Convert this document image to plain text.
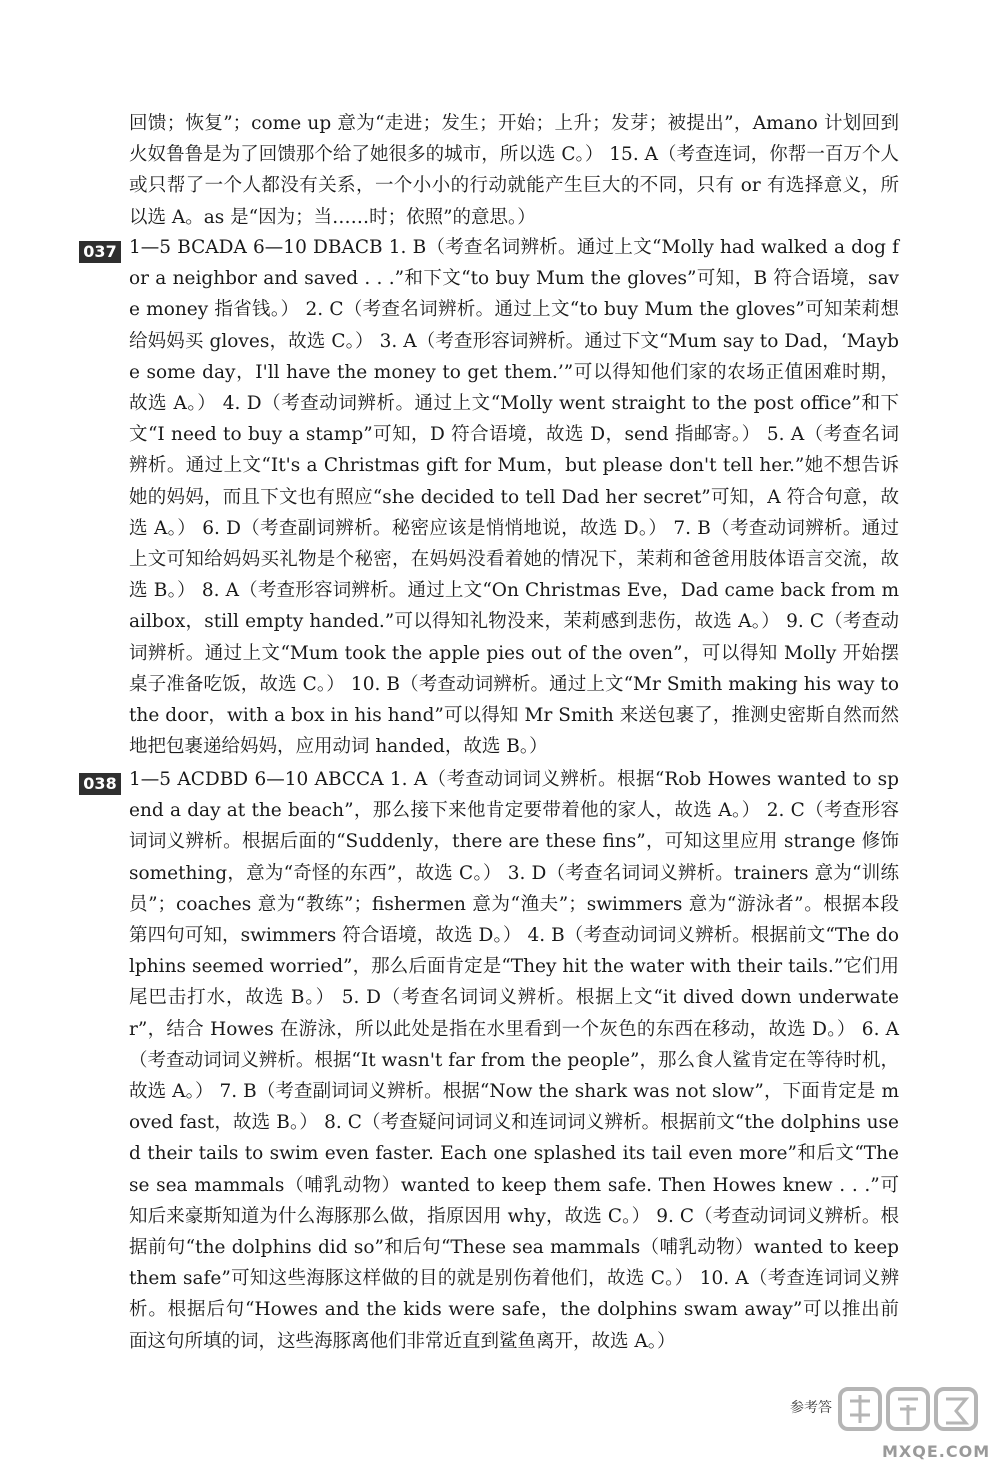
回馈；恢复”；come up 意为“走进；发生；开始；上升；发芽；被提出”，Amano 计划回到火奴鲁鲁是为了回馈那个给了她很多的城市，所以选 C。） 15. A（考查连词，你帮一百万个人或只帮了一个人都没有关系，一个小小的行动就能产生巨大的不同，只有 or 有选择意义，所以选 A。as 是“因为；当……时；依照”的意思。）
037 1—5 BCADA 6—10 DBACB 1. B（考查名词辨析。通过上文“Molly had walked a dog for a neighbor and saved . . .”和下文“to buy Mum the gloves”可知，B 符合语境，save money 指省钱。） 2. C（考查名词辨析。通过上文“to buy Mum the gloves”可知茉莉想给妈妈买 gloves，故选 C。） 3. A（考查形容词辨析。通过下文“Mum say to Dad，‘Maybe some day，I'll have the money to get them.’”可以得知他们家的农场正值困难时期，故选 A。） 4. D（考查动词辨析。通过上文“Molly went straight to the post office”和下文“I need to buy a stamp”可知，D 符合语境，故选 D，send 指邮寄。） 5. A（考查名词辨析。通过上文“It's a Christmas gift for Mum，but please don't tell her.”她不想告诉她的妈妈，而且下文也有照应“she decided to tell Dad her secret”可知，A 符合句意，故选 A。） 6. D（考查副词辨析。秘密应该是悄悄地说，故选 D。） 7. B（考查动词辨析。通过上文可知给妈妈买礼物是个秘密，在妈妈没看着她的情况下，茉莉和爸爸用肢体语言交流，故选 B。） 8. A（考查形容词辨析。通过上文“On Christmas Eve，Dad came back from mailbox，still empty handed.”可以得知礼物没来，茉莉感到悲伤，故选 A。） 9. C（考查动词辨析。通过上文“Mum took the apple pies out of the oven”，可以得知 Molly 开始摆桌子准备吃饭，故选 C。） 10. B（考查动词辨析。通过上文“Mr Smith making his way to the door，with a box in his hand”可以得知 Mr Smith 来送包裹了，推测史密斯自然而然地把包裹递给妈妈，应用动词 handed，故选 B。）
038 1—5 ACDBD 6—10 ABCCA 1. A（考查动词词义辨析。根据“Rob Howes wanted to spend a day at the beach”，那么接下来他肯定要带着他的家人，故选 A。） 2. C（考查形容词词义辨析。根据后面的“Suddenly，there are these fins”，可知这里应用 strange 修饰 something，意为“奇怪的东西”，故选 C。） 3. D（考查名词词义辨析。trainers 意为“训练员”；coaches 意为“教练”；fishermen 意为“渔夫”；swimmers 意为“游泳者”。根据本段第四句可知，swimmers 符合语境，故选 D。） 4. B（考查动词词义辨析。根据前文“The dolphins seemed worried”，那么后面肯定是“They hit the water with their tails.”它们用尾巴击打水，故选 B。） 5. D（考查名词词义辨析。根据上文“it dived down underwater”，结合 Howes 在游泳，所以此处是指在水里看到一个灰色的东西在移动，故选 D。） 6. A（考查动词词义辨析。根据“It wasn't far from the people”，那么食人鲨肯定在等待时机，故选 A。） 7. B（考查副词词义辨析。根据“Now the shark was not slow”，下面肯定是 moved fast，故选 B。） 8. C（考查疑问词词义和连词词义辨析。根据前文“the dolphins used their tails to swim even faster. Each one splashed its tail even more”和后文“These sea mammals（哺乳动物）wanted to keep them safe. Then Howes knew . . .”可知后来豪斯知道为什么海豚那么做，指原因用 why，故选 C。） 9. C（考查动词词义辨析。根据前句“the dolphins did so”和后句“These sea mammals（哺乳动物）wanted to keep them safe”可知这些海豚这样做的目的就是别伤着他们，故选 C。） 10. A（考查连词词义辨析。根据后句“Howes and the kids were safe，the dolphins swam away”可以推出前面这句所填的词，这些海豚离他们非常近直到鲨鱼离开，故选 A。）
参考答
MXQE.COM
